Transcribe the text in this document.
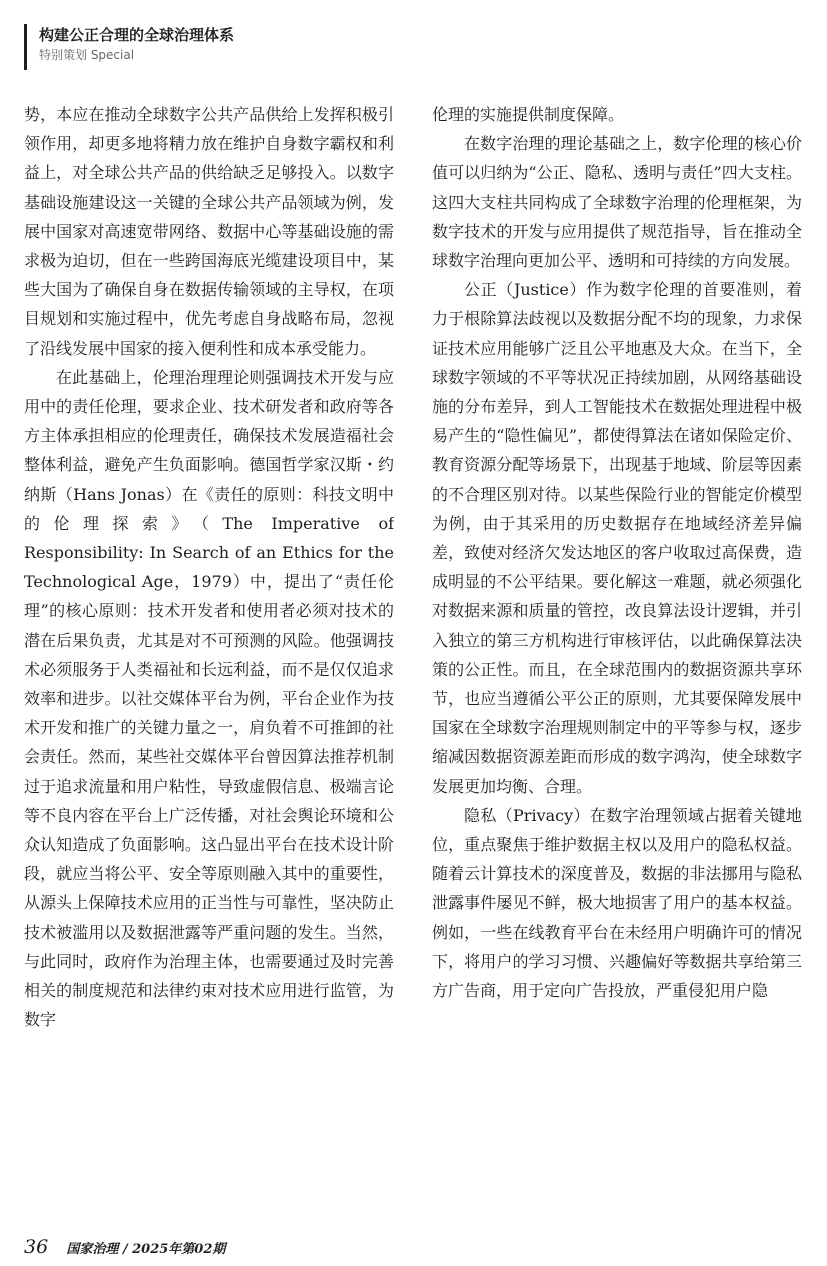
构建公正合理的全球治理体系
特别策划 Special

势，本应在推动全球数字公共产品供给上发挥积极引领作用，却更多地将精力放在维护自身数字霸权和利益上，对全球公共产品的供给缺乏足够投入。以数字基础设施建设这一关键的全球公共产品领域为例，发展中国家对高速宽带网络、数据中心等基础设施的需求极为迫切，但在一些跨国海底光缆建设项目中，某些大国为了确保自身在数据传输领域的主导权，在项目规划和实施过程中，优先考虑自身战略布局，忽视了沿线发展中国家的接入便利性和成本承受能力。

在此基础上，伦理治理理论则强调技术开发与应用中的责任伦理，要求企业、技术研发者和政府等各方主体承担相应的伦理责任，确保技术发展造福社会整体利益，避免产生负面影响。德国哲学家汉斯・约纳斯（Hans Jonas）在《责任的原则：科技文明中的伦理探索》（The Imperative of Responsibility: In Search of an Ethics for the Technological Age，1979）中，提出了“责任伦理”的核心原则：技术开发者和使用者必须对技术的潜在后果负责，尤其是对不可预测的风险。他强调技术必须服务于人类福祉和长远利益，而不是仅仅追求效率和进步。以社交媒体平台为例，平台企业作为技术开发和推广的关键力量之一，肩负着不可推卸的社会责任。然而，某些社交媒体平台曾因算法推荐机制过于追求流量和用户粘性，导致虚假信息、极端言论等不良内容在平台上广泛传播，对社会舆论环境和公众认知造成了负面影响。这凸显出平台在技术设计阶段，就应当将公平、安全等原则融入其中的重要性，从源头上保障技术应用的正当性与可靠性，坚决防止技术被滥用以及数据泄露等严重问题的发生。当然，与此同时，政府作为治理主体，也需要通过及时完善相关的制度规范和法律约束对技术应用进行监管，为数字

伦理的实施提供制度保障。

在数字治理的理论基础之上，数字伦理的核心价值可以归纳为“公正、隐私、透明与责任”四大支柱。这四大支柱共同构成了全球数字治理的伦理框架，为数字技术的开发与应用提供了规范指导，旨在推动全球数字治理向更加公平、透明和可持续的方向发展。

公正（Justice）作为数字伦理的首要准则，着力于根除算法歧视以及数据分配不均的现象，力求保证技术应用能够广泛且公平地惠及大众。在当下，全球数字领域的不平等状况正持续加剧，从网络基础设施的分布差异，到人工智能技术在数据处理进程中极易产生的“隐性偏见”，都使得算法在诸如保险定价、教育资源分配等场景下，出现基于地域、阶层等因素的不合理区别对待。以某些保险行业的智能定价模型为例，由于其采用的历史数据存在地域经济差异偏差，致使对经济欠发达地区的客户收取过高保费，造成明显的不公平结果。要化解这一难题，就必须强化对数据来源和质量的管控，改良算法设计逻辑，并引入独立的第三方机构进行审核评估，以此确保算法决策的公正性。而且，在全球范围内的数据资源共享环节，也应当遵循公平公正的原则，尤其要保障发展中国家在全球数字治理规则制定中的平等参与权，逐步缩减因数据资源差距而形成的数字鸿沟，使全球数字发展更加均衡、合理。

隐私（Privacy）在数字治理领域占据着关键地位，重点聚焦于维护数据主权以及用户的隐私权益。随着云计算技术的深度普及，数据的非法挪用与隐私泄露事件屡见不鲜，极大地损害了用户的基本权益。例如，一些在线教育平台在未经用户明确许可的情况下，将用户的学习习惯、兴趣偏好等数据共享给第三方广告商，用于定向广告投放，严重侵犯用户隐

36 国家治理 / 2025年第02期
